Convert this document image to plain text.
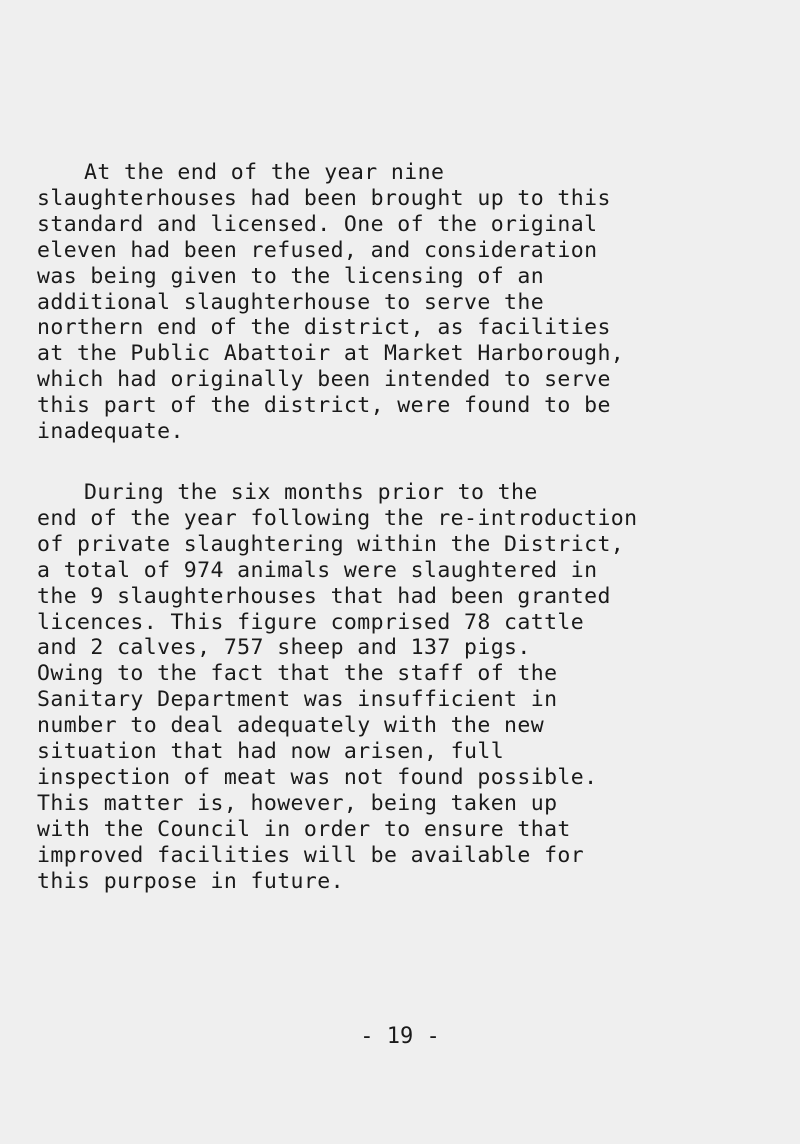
At the end of the year nine
slaughterhouses had been brought up to this
standard and licensed. One of the original
eleven had been refused, and consideration
was being given to the licensing of an
additional slaughterhouse to serve the
northern end of the district, as facilities
at the Public Abattoir at Market Harborough,
which had originally been intended to serve
this part of the district, were found to be
inadequate.
During the six months prior to the
end of the year following the re-introduction
of private slaughtering within the District,
a total of 974 animals were slaughtered in
the 9 slaughterhouses that had been granted
licences. This figure comprised 78 cattle
and 2 calves, 757 sheep and 137 pigs.
Owing to the fact that the staff of the
Sanitary Department was insufficient in
number to deal adequately with the new
situation that had now arisen, full
inspection of meat was not found possible.
This matter is, however, being taken up
with the Council in order to ensure that
improved facilities will be available for
this purpose in future.
- 19 -
